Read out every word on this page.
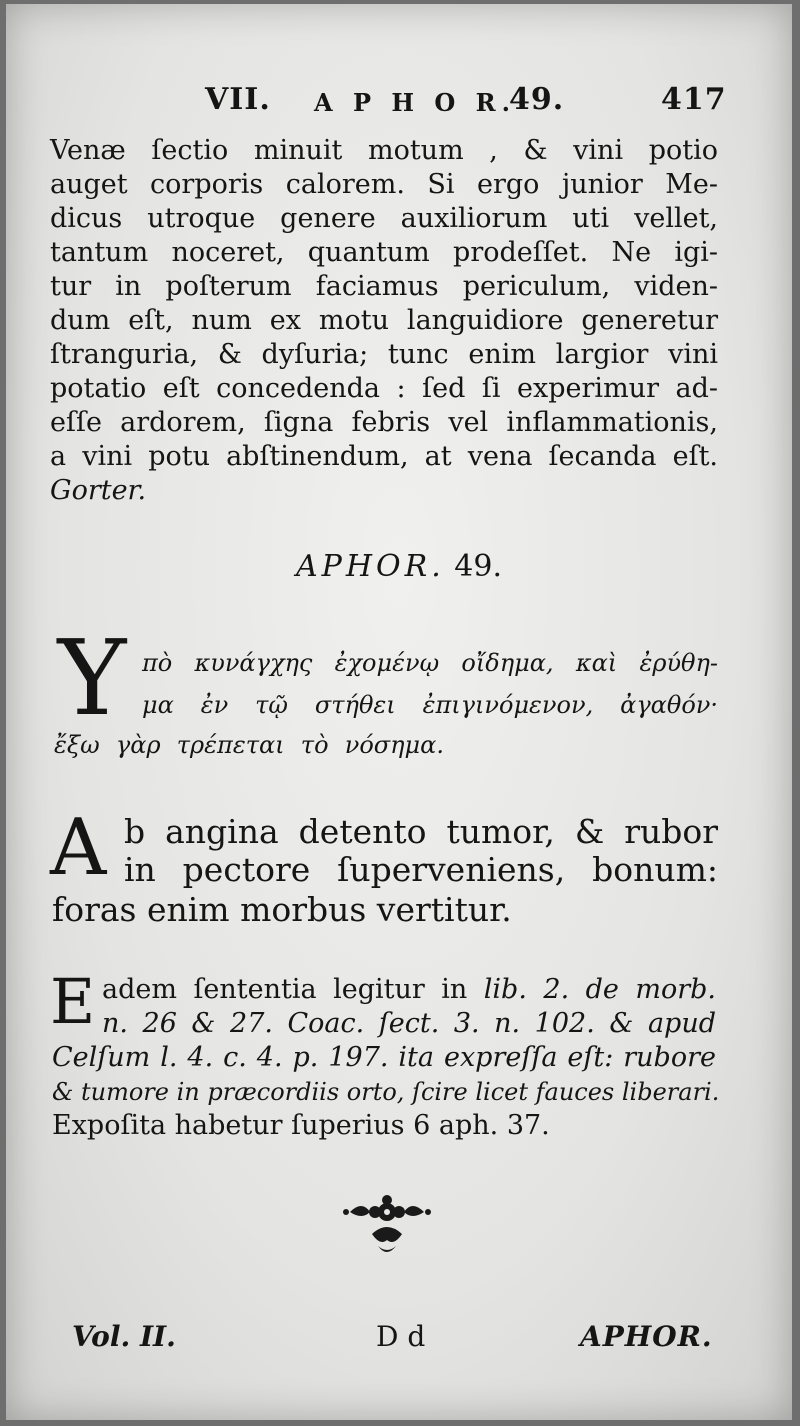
VII. A P H O R.
49.	417
Venæ ſectio minuit motum , & vini potio
auget corporis calorem. Si ergo junior Me-
dicus utroque genere auxiliorum uti vellet,
tantum noceret, quantum prodeſſet. Ne igi-
tur in poſterum faciamus periculum, viden-
dum eſt, num ex motu languidiore generetur
ſtranguria, & dyſuria; tunc enim largior vini
potatio eſt concedenda : ſed ſi experimur ad-
eſſe ardorem, ſigna febris vel inflammationis,
a vini potu abſtinendum, at vena ſecanda eſt.
Gorter.
APHOR. 49.
Υ πὸ κυνάγχης ἐχομένῳ οἴδημα, καὶ ἐρύθη-
μα ἐν τῷ στήθει ἐπιγινόμενον, ἀγαθόν·
ἔξω γὰρ τρέπεται τὸ νόσημα.
A b angina detento tumor, & rubor
in pectore ſuperveniens, bonum:
foras enim morbus vertitur.
E adem ſententia legitur in lib. 2. de morb.
n. 26 & 27. Coac. ſect. 3. n. 102. & apud
Celſum l. 4. c. 4. p. 197. ita expreſſa eſt: rubore
& tumore in præcordiis orto, ſcire licet fauces liberari.
Expoſita habetur ſuperius 6 aph. 37.
Vol. II.	D d	APHOR.
